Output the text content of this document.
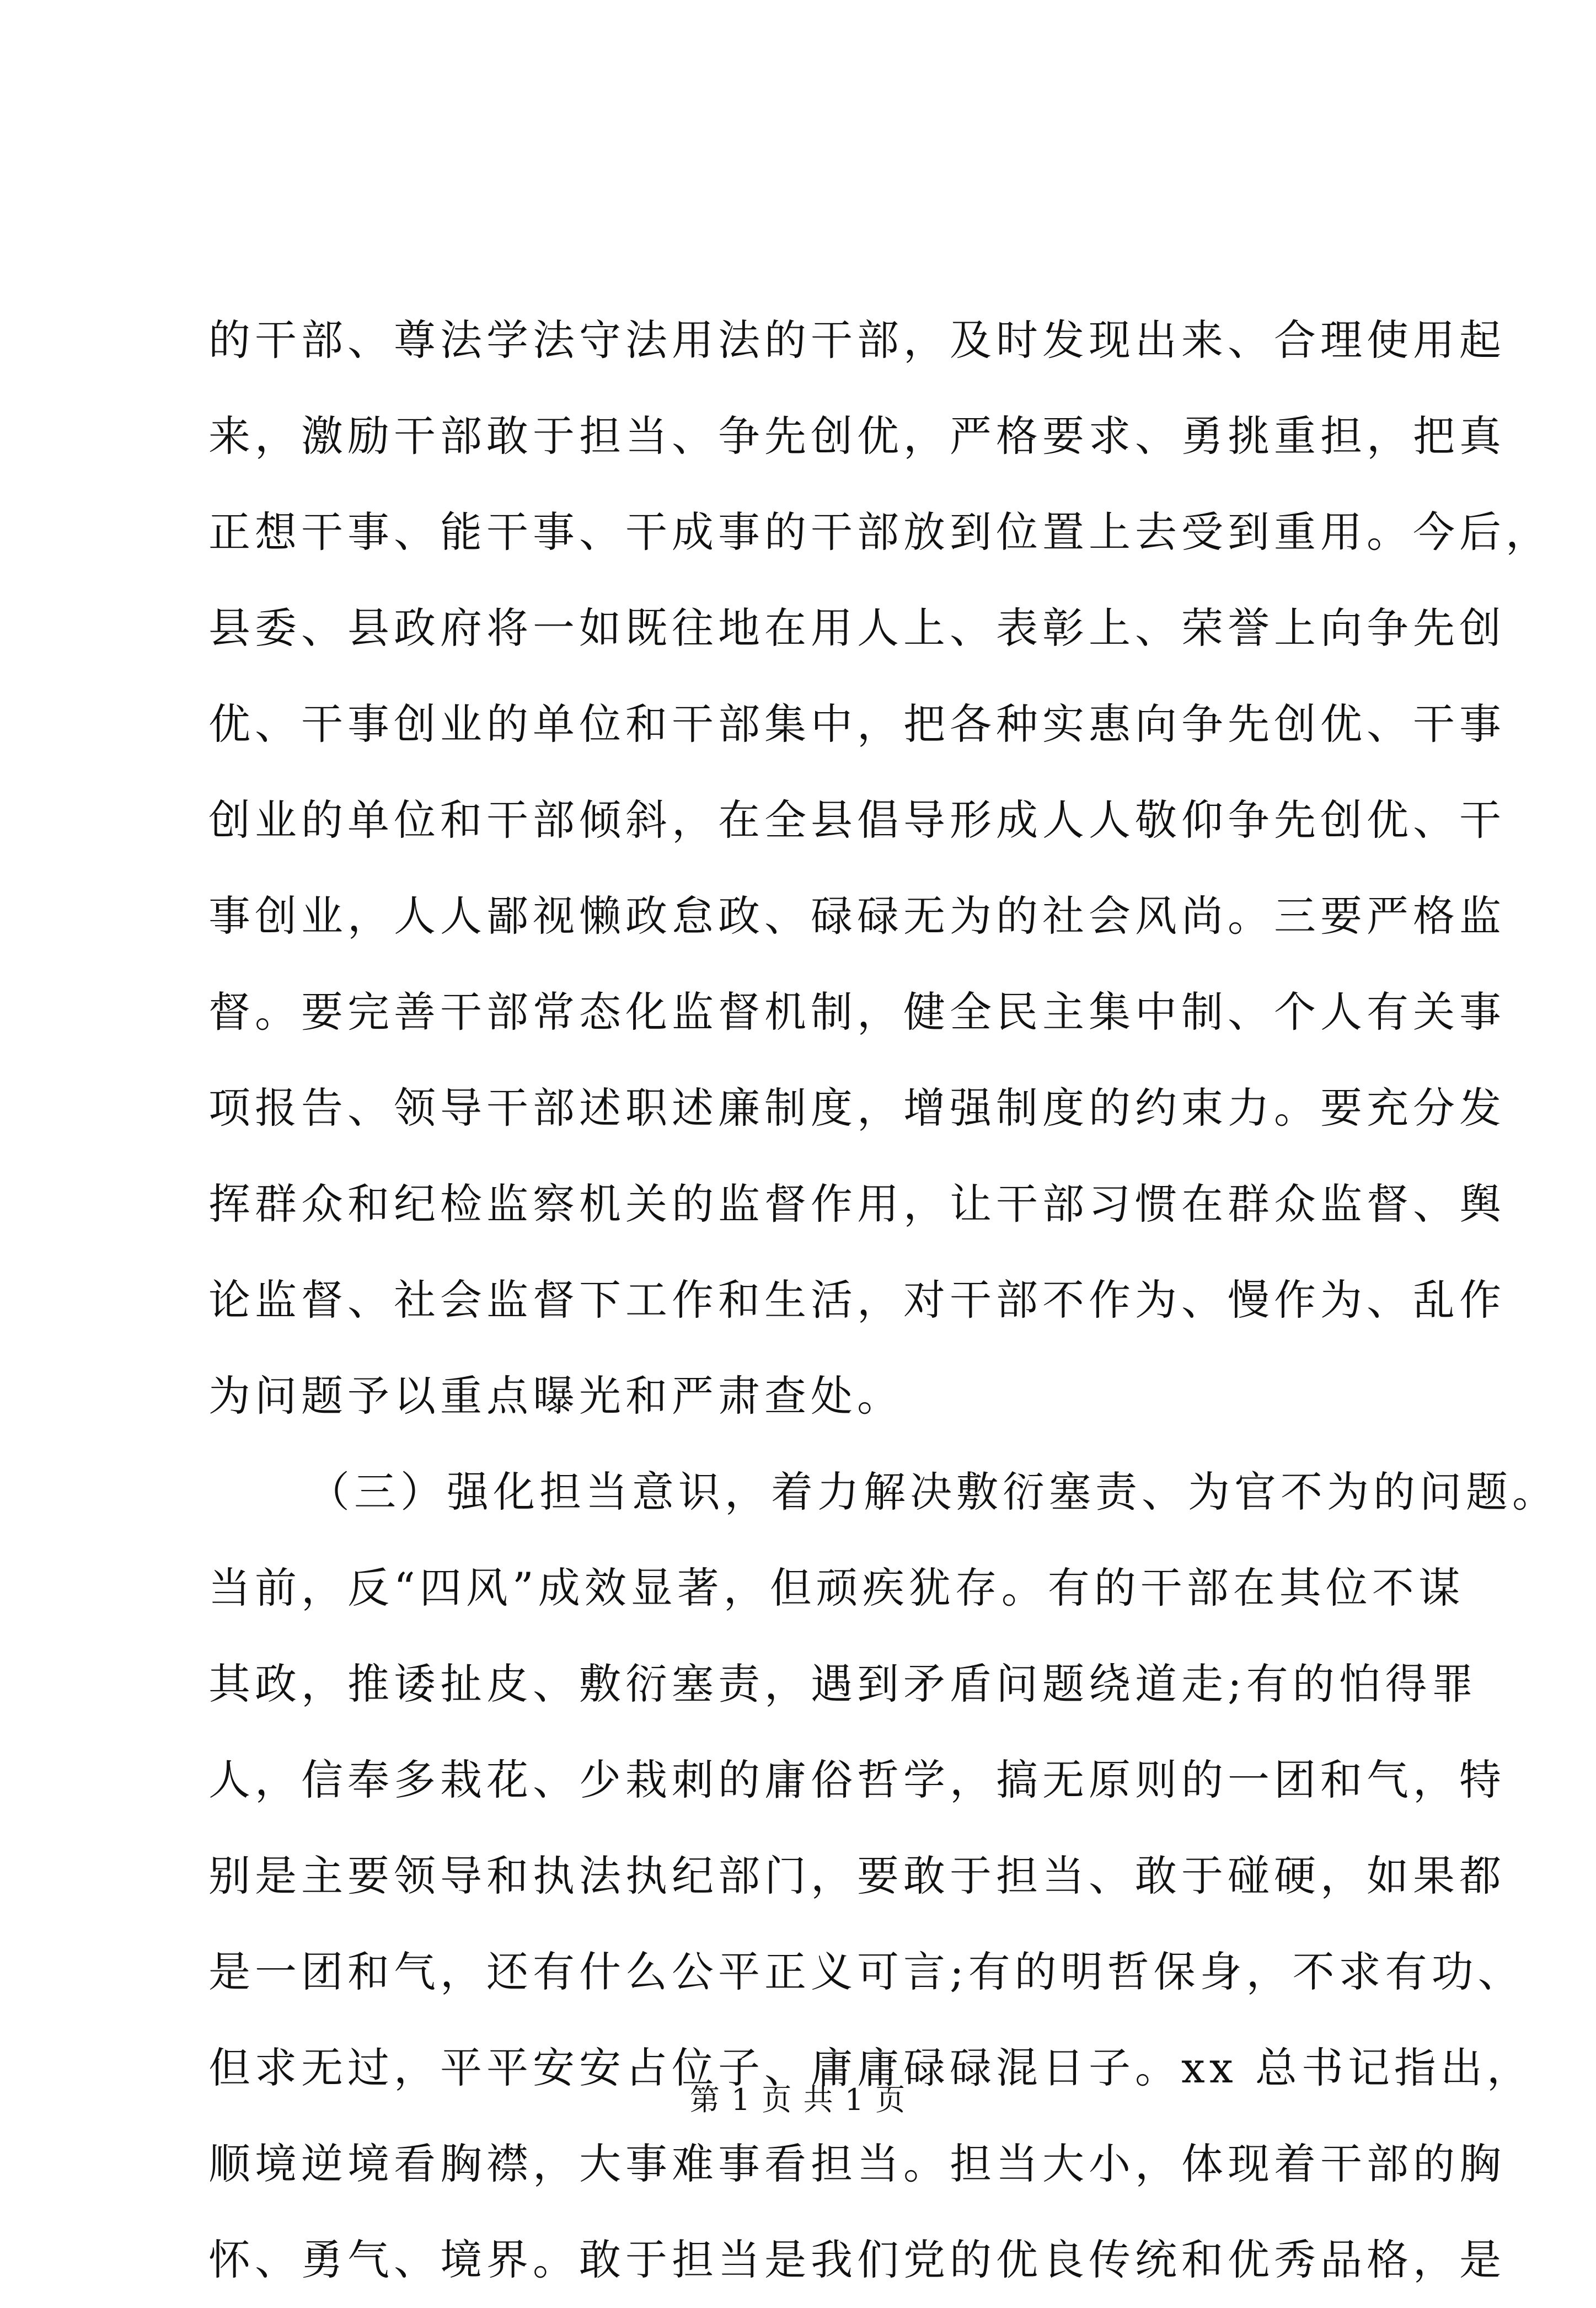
的干部、尊法学法守法用法的干部，及时发现出来、合理使用起
来，激励干部敢于担当、争先创优，严格要求、勇挑重担，把真
正想干事、能干事、干成事的干部放到位置上去受到重用。今后，
县委、县政府将一如既往地在用人上、表彰上、荣誉上向争先创
优、干事创业的单位和干部集中，把各种实惠向争先创优、干事
创业的单位和干部倾斜，在全县倡导形成人人敬仰争先创优、干
事创业，人人鄙视懒政怠政、碌碌无为的社会风尚。三要严格监
督。要完善干部常态化监督机制，健全民主集中制、个人有关事
项报告、领导干部述职述廉制度，增强制度的约束力。要充分发
挥群众和纪检监察机关的监督作用，让干部习惯在群众监督、舆
论监督、社会监督下工作和生活，对干部不作为、慢作为、乱作
为问题予以重点曝光和严肃查处。
（三）强化担当意识，着力解决敷衍塞责、为官不为的问题。
当前，反“四风”成效显著，但顽疾犹存。有的干部在其位不谋
其政，推诿扯皮、敷衍塞责，遇到矛盾问题绕道走;有的怕得罪
人，信奉多栽花、少栽刺的庸俗哲学，搞无原则的一团和气，特
别是主要领导和执法执纪部门，要敢于担当、敢于碰硬，如果都
是一团和气，还有什么公平正义可言;有的明哲保身，不求有功、
但求无过，平平安安占位子、庸庸碌碌混日子。xx 总书记指出，
顺境逆境看胸襟，大事难事看担当。担当大小，体现着干部的胸
怀、勇气、境界。敢于担当是我们党的优良传统和优秀品格，是
第 1 页 共 1 页
